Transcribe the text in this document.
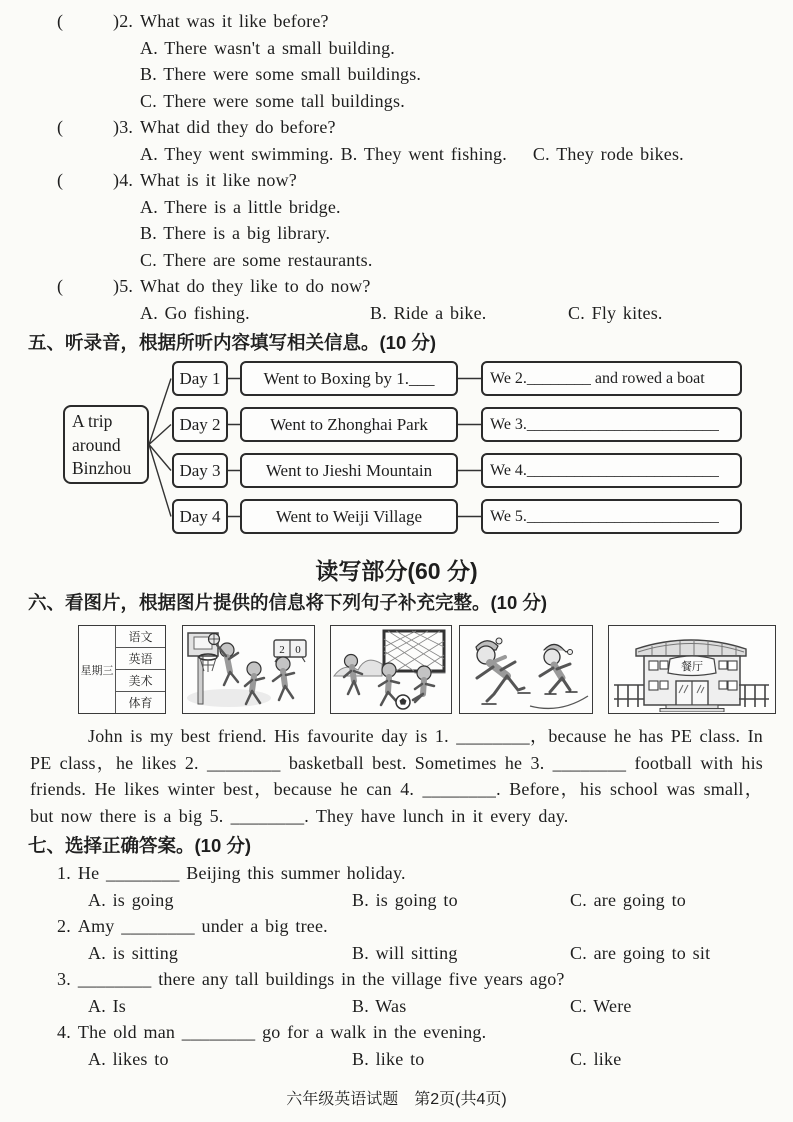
(	)2. What was it like before?
A. There wasn't a small building.
B. There were some small buildings.
C. There were some tall buildings.
(	)3. What did they do before?
A. They went swimming. B. They went fishing. C. They rode bikes.
(	)4. What is it like now?
A. There is a little bridge.
B. There is a big library.
C. There are some restaurants.
(	)5. What do they like to do now?
A. Go fishing.	B. Ride a bike.	C. Fly kites.
五、听录音，根据所听内容填写相关信息。(10 分)
A trip around Binzhou
Day 1	Went to Boxing by 1.___	We 2.________ and rowed a boat
Day 2	Went to Zhonghai Park	We 3.________________________
Day 3	Went to Jieshi Mountain	We 4.________________________
Day 4	Went to Weiji Village	We 5.________________________
读写部分(60 分)
六、看图片，根据图片提供的信息将下列句子补充完整。(10 分)
星期三
语文
英语
美术
体育
2 0
餐厅

John is my best friend. His favourite day is 1. ________，because he has PE class. In PE class，he likes 2. ________ basketball best. Sometimes he 3. ________ football with his friends. He likes winter best，because he can 4. ________. Before，his school was small，but now there is a big 5. ________. They have lunch in it every day.

七、选择正确答案。(10 分)
1. He ________ Beijing this summer holiday.
A. is going	B. is going to	C. are going to
2. Amy ________ under a big tree.
A. is sitting	B. will sitting	C. are going to sit
3. ________ there any tall buildings in the village five years ago?
A. Is	B. Was	C. Were
4. The old man ________ go for a walk in the evening.
A. likes to	B. like to	C. like
六年级英语试题　第2页(共4页)
